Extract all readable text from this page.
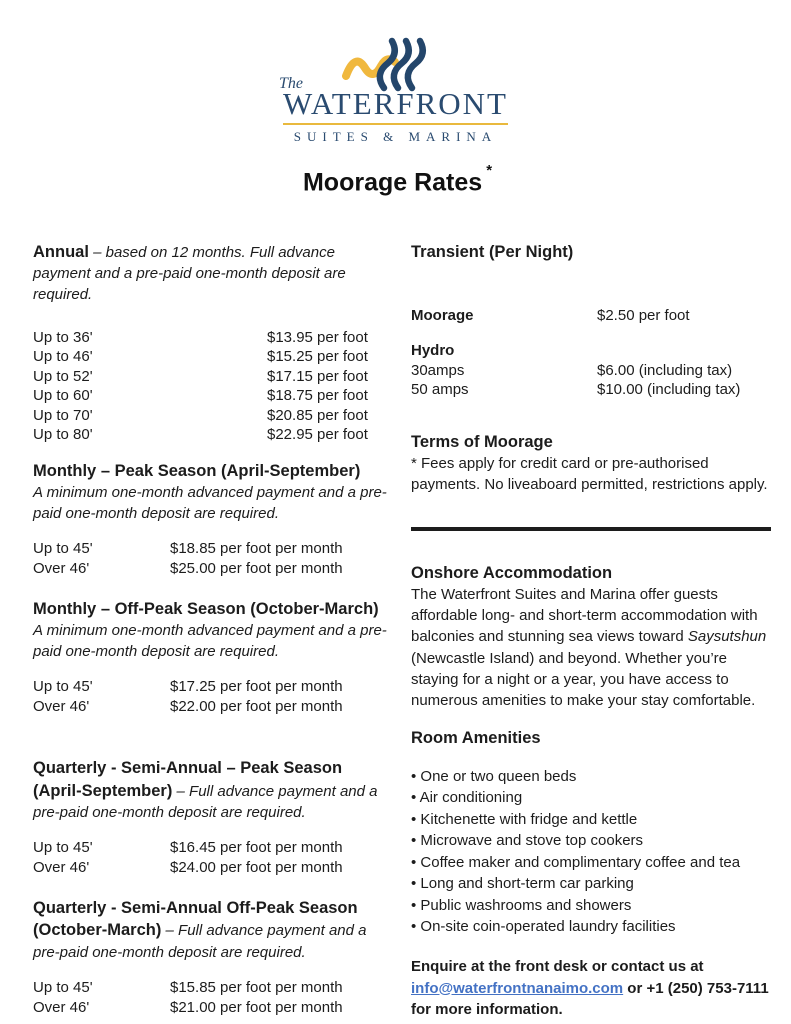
The
WATERFRONT
SUITES & MARINA
Moorage Rates *
Annual – based on 12 months. Full advance payment and a pre-paid one-month deposit are required.
Up to 36'	$13.95 per foot
Up to 46'	$15.25 per foot
Up to 52'	$17.15 per foot
Up to 60'	$18.75 per foot
Up to 70'	$20.85 per foot
Up to 80'	$22.95 per foot
Monthly – Peak Season (April-September)
A minimum one-month advanced payment and a pre-paid one-month deposit are required.
Up to 45'	$18.85 per foot per month
Over 46'	$25.00 per foot per month
Monthly – Off-Peak Season (October-March)
A minimum one-month advanced payment and a pre-paid one-month deposit are required.
Up to 45'	$17.25 per foot per month
Over 46'	$22.00 per foot per month
Quarterly - Semi-Annual – Peak Season (April-September) – Full advance payment and a pre-paid one-month deposit are required.
Up to 45'	$16.45 per foot per month
Over 46'	$24.00 per foot per month
Quarterly - Semi-Annual Off-Peak Season (October-March) – Full advance payment and a pre-paid one-month deposit are required.
Up to 45'	$15.85 per foot per month
Over 46'	$21.00 per foot per month
Transient (Per Night)
Moorage	$2.50 per foot
Hydro
30amps	$6.00 (including tax)
50 amps	$10.00 (including tax)
Terms of Moorage
* Fees apply for credit card or pre-authorised payments. No liveaboard permitted, restrictions apply.
Onshore Accommodation
The Waterfront Suites and Marina offer guests affordable long- and short-term accommodation with balconies and stunning sea views toward Saysutshun (Newcastle Island) and beyond. Whether you’re staying for a night or a year, you have access to numerous amenities to make your stay comfortable.
Room Amenities
• One or two queen beds
• Air conditioning
• Kitchenette with fridge and kettle
• Microwave and stove top cookers
• Coffee maker and complimentary coffee and tea
• Long and short-term car parking
• Public washrooms and showers
• On-site coin-operated laundry facilities
Enquire at the front desk or contact us at info@waterfrontnanaimo.com or +1 (250) 753-7111 for more information.
